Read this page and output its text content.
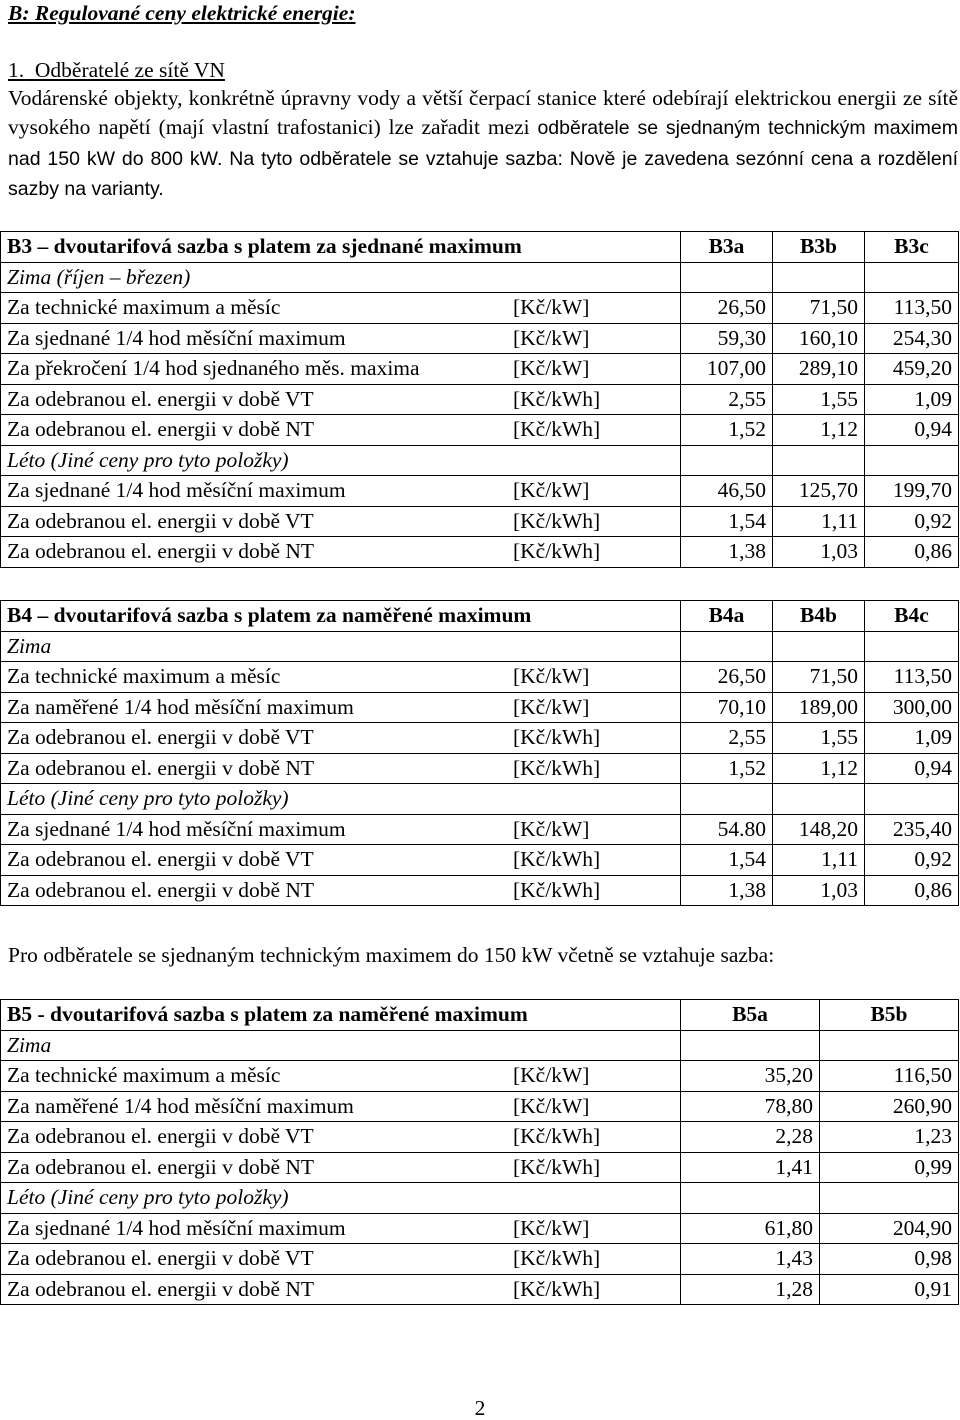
B: Regulované ceny elektrické energie:
1. Odběratelé ze sítě VN
Vodárenské objekty, konkrétně úpravny vody a větší čerpací stanice které odebírají elektrickou energii ze sítě vysokého napětí (mají vlastní trafostanici) lze zařadit mezi odběratele se sjednaným technickým maximem nad 150 kW do 800 kW. Na tyto odběratele se vztahuje sazba: Nově je zavedena sezónní cena a rozdělení sazby na varianty.
B3 – dvoutarifová sazba s platem za sjednané maximum	B3a	B3b	B3c

Zima (říjen – březen)			

Za technické maximum a měsíc [Kč/kW]	26,50	71,50	113,50

Za sjednané 1/4 hod měsíční maximum [Kč/kW]	59,30	160,10	254,30

Za překročení 1/4 hod sjednaného měs. maxima [Kč/kW]	107,00	289,10	459,20

Za odebranou el. energii v době VT [Kč/kWh]	2,55	1,55	1,09

Za odebranou el. energii v době NT [Kč/kWh]	1,52	1,12	0,94

Léto (Jiné ceny pro tyto položky)			

Za sjednané 1/4 hod měsíční maximum [Kč/kW]	46,50	125,70	199,70

Za odebranou el. energii v době VT [Kč/kWh]	1,54	1,11	0,92

Za odebranou el. energii v době NT [Kč/kWh]	1,38	1,03	0,86
B4 – dvoutarifová sazba s platem za naměřené maximum	B4a	B4b	B4c

Zima			

Za technické maximum a měsíc [Kč/kW]	26,50	71,50	113,50

Za naměřené 1/4 hod měsíční maximum [Kč/kW]	70,10	189,00	300,00

Za odebranou el. energii v době VT [Kč/kWh]	2,55	1,55	1,09

Za odebranou el. energii v době NT [Kč/kWh]	1,52	1,12	0,94

Léto (Jiné ceny pro tyto položky)			

Za sjednané 1/4 hod měsíční maximum [Kč/kW]	54.80	148,20	235,40

Za odebranou el. energii v době VT [Kč/kWh]	1,54	1,11	0,92

Za odebranou el. energii v době NT [Kč/kWh]	1,38	1,03	0,86
Pro odběratele se sjednaným technickým maximem do 150 kW včetně se vztahuje sazba:
B5 - dvoutarifová sazba s platem za naměřené maximum	B5a	B5b

Zima		

Za technické maximum a měsíc [Kč/kW]	35,20	116,50

Za naměřené 1/4 hod měsíční maximum [Kč/kW]	78,80	260,90

Za odebranou el. energii v době VT [Kč/kWh]	2,28	1,23

Za odebranou el. energii v době NT [Kč/kWh]	1,41	0,99

Léto (Jiné ceny pro tyto položky)		

Za sjednané 1/4 hod měsíční maximum [Kč/kW]	61,80	204,90

Za odebranou el. energii v době VT [Kč/kWh]	1,43	0,98

Za odebranou el. energii v době NT [Kč/kWh]	1,28	0,91
2
